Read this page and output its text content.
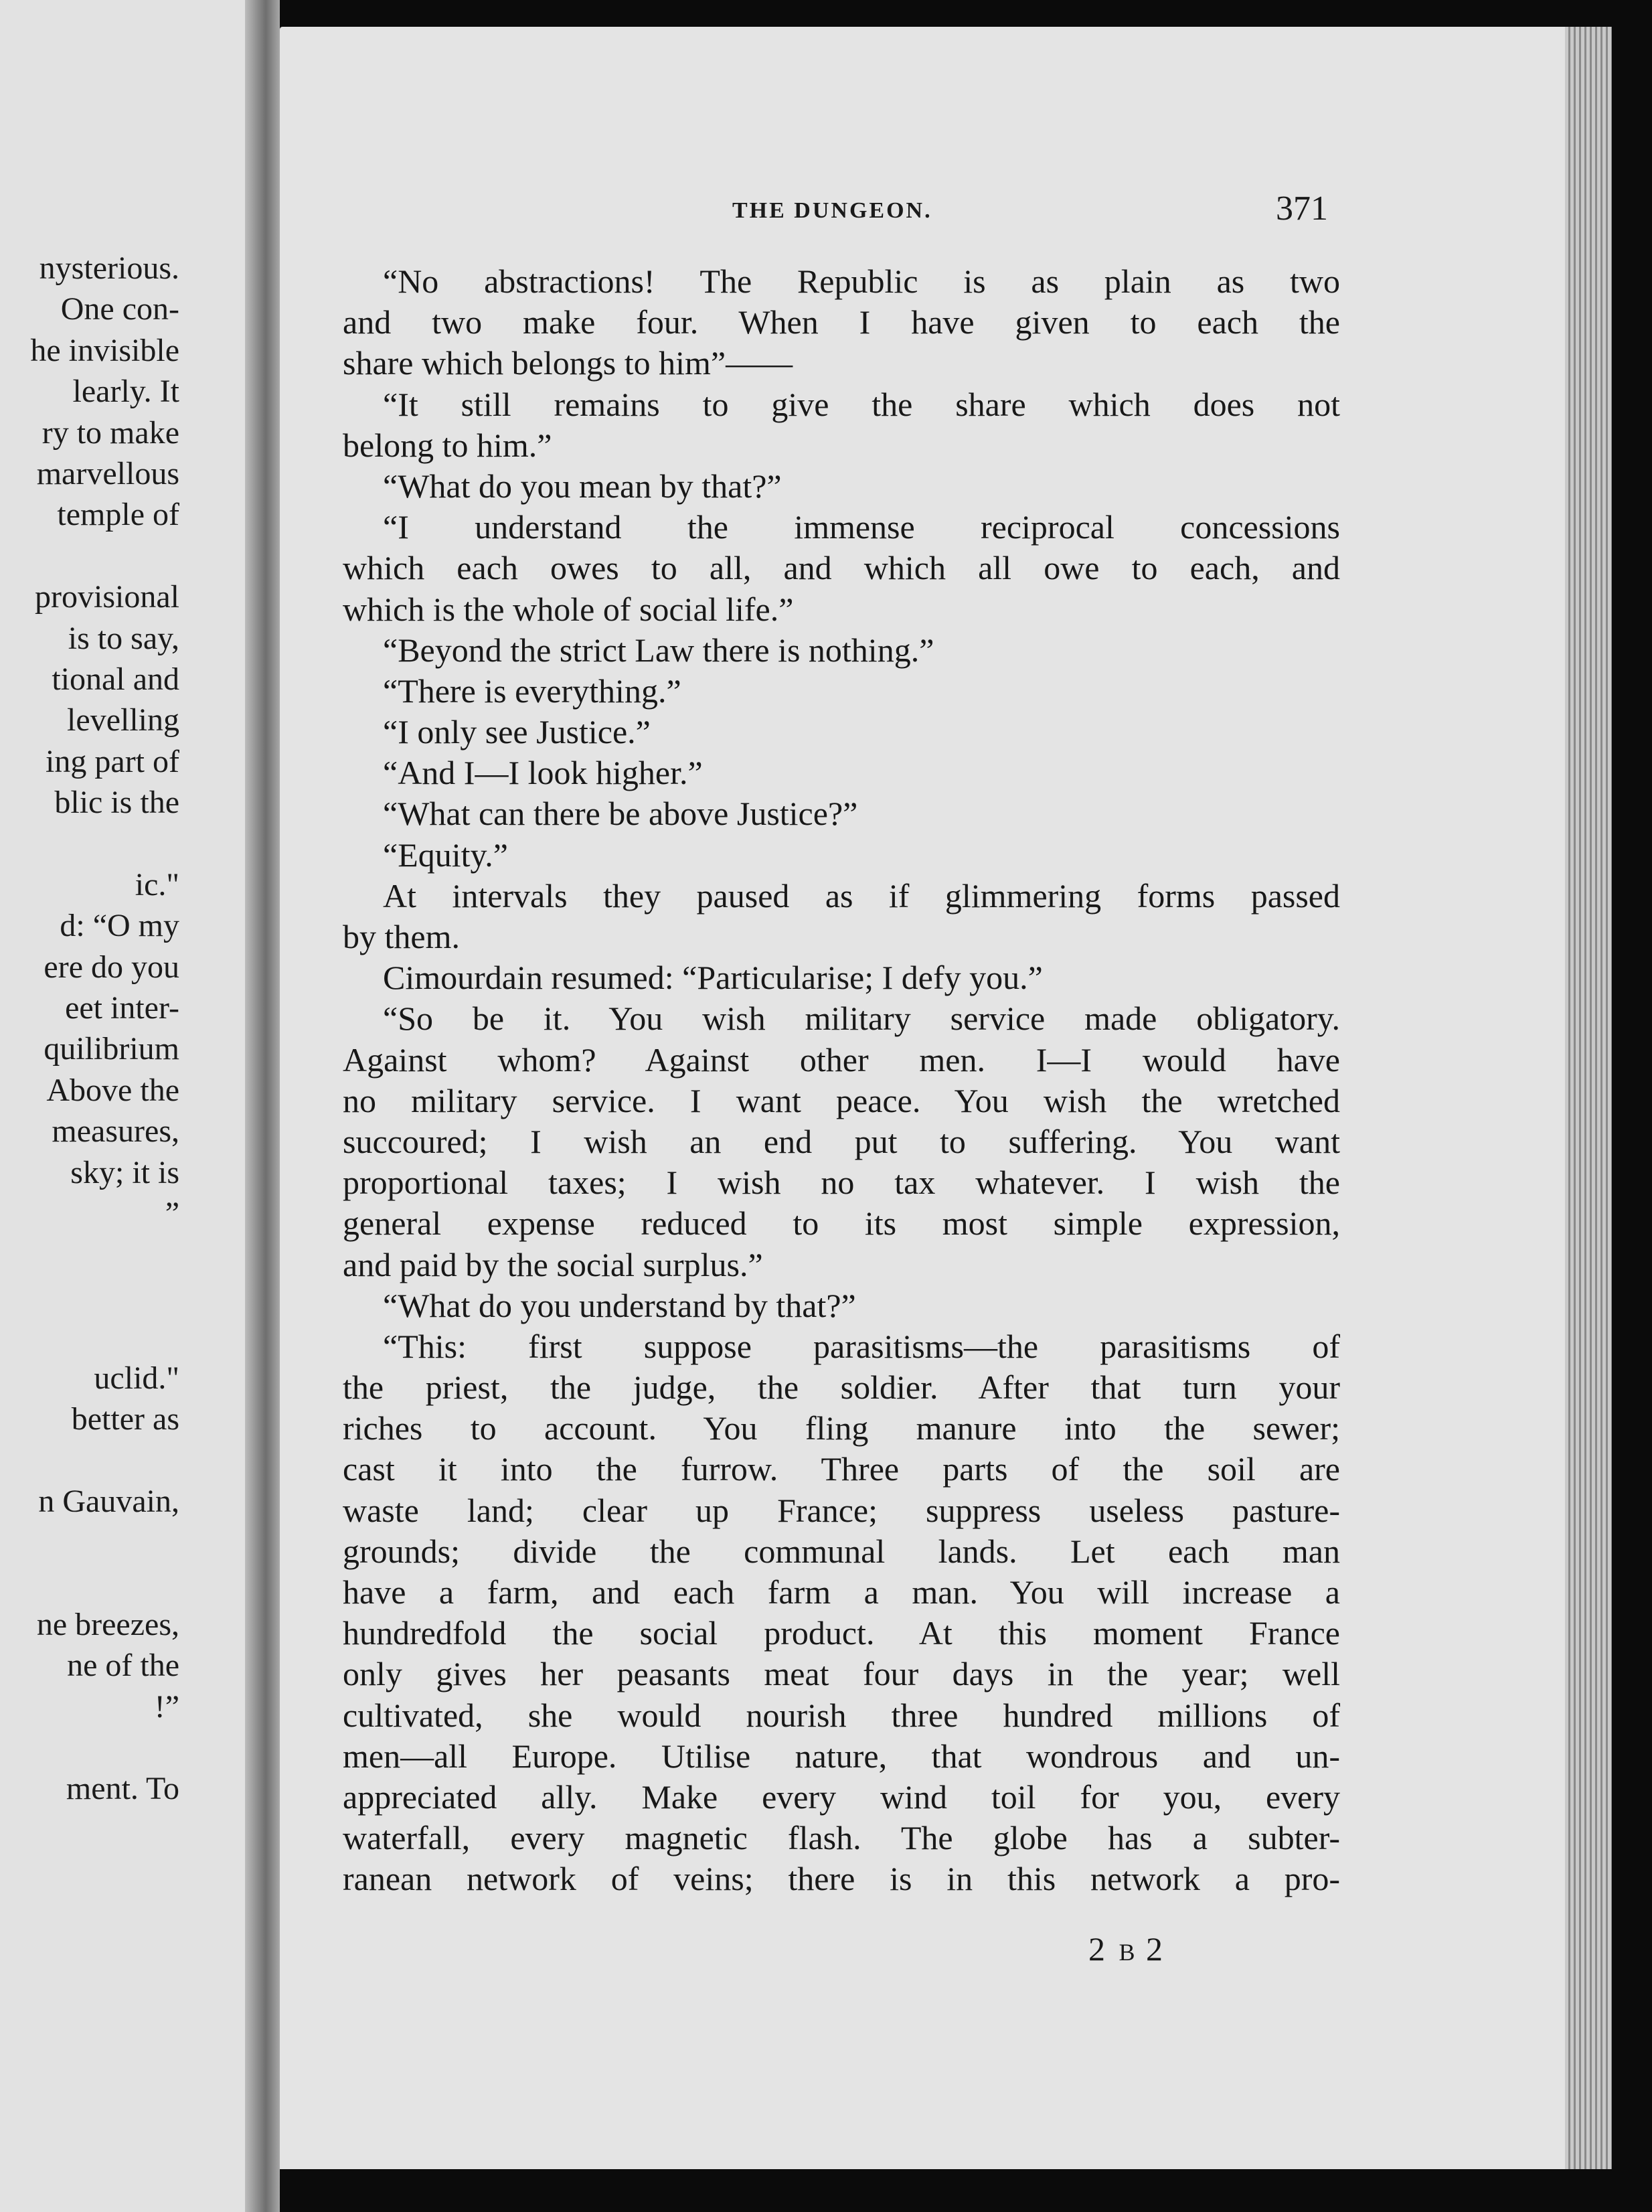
nysterious.
One con-
he invisible
learly. It
ry to make
marvellous
temple of
provisional
is to say,
tional and
levelling
ing part of
blic is the
ic."
d: “O my
ere do you
eet inter-
quilibrium
Above the
measures,
sky; it is
”
uclid."
better as
n Gauvain,
ne breezes,
ne of the
!”
ment. To
THE DUNGEON.	371
“No abstractions! The Republic is as plain as two
and two make four. When I have given to each the
share which belongs to him”——
“It still remains to give the share which does not
belong to him.”
“What do you mean by that?”
“I understand the immense reciprocal concessions
which each owes to all, and which all owe to each, and
which is the whole of social life.”
“Beyond the strict Law there is nothing.”
“There is everything.”
“I only see Justice.”
“And I—I look higher.”
“What can there be above Justice?”
“Equity.”
At intervals they paused as if glimmering forms passed
by them.
Cimourdain resumed: “Particularise; I defy you.”
“So be it. You wish military service made obligatory.
Against whom? Against other men. I—I would have
no military service. I want peace. You wish the wretched
succoured; I wish an end put to suffering. You want
proportional taxes; I wish no tax whatever. I wish the
general expense reduced to its most simple expression,
and paid by the social surplus.”
“What do you understand by that?”
“This: first suppose parasitisms—the parasitisms of
the priest, the judge, the soldier. After that turn your
riches to account. You fling manure into the sewer;
cast it into the furrow. Three parts of the soil are
waste land; clear up France; suppress useless pasture-
grounds; divide the communal lands. Let each man
have a farm, and each farm a man. You will increase a
hundredfold the social product. At this moment France
only gives her peasants meat four days in the year; well
cultivated, she would nourish three hundred millions of
men—all Europe. Utilise nature, that wondrous and un-
appreciated ally. Make every wind toil for you, every
waterfall, every magnetic flash. The globe has a subter-
ranean network of veins; there is in this network a pro-
2 B 2
